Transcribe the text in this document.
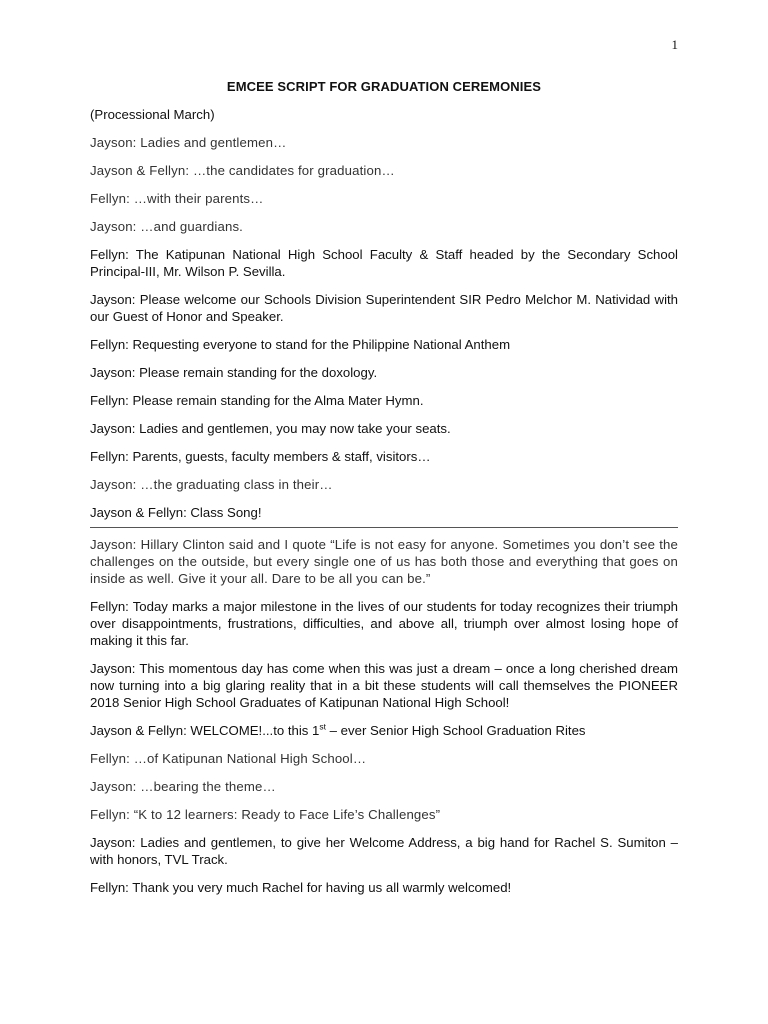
1
EMCEE SCRIPT FOR GRADUATION CEREMONIES

(Processional March)

Jayson: Ladies and gentlemen…

Jayson & Fellyn: …the candidates for graduation…

Fellyn: …with their parents…

Jayson: …and guardians.

Fellyn: The Katipunan National High School Faculty & Staff headed by the Secondary School Principal-III, Mr. Wilson P. Sevilla.

Jayson: Please welcome our Schools Division Superintendent SIR Pedro Melchor M. Natividad with our Guest of Honor and Speaker.

Fellyn: Requesting everyone to stand for the Philippine National Anthem

Jayson: Please remain standing for the doxology.

Fellyn: Please remain standing for the Alma Mater Hymn.

Jayson: Ladies and gentlemen, you may now take your seats.

Fellyn: Parents, guests, faculty members & staff, visitors…

Jayson: …the graduating class in their…

Jayson & Fellyn: Class Song!

Jayson: Hillary Clinton said and I quote “Life is not easy for anyone. Sometimes you don’t see the challenges on the outside, but every single one of us has both those and everything that goes on inside as well. Give it your all. Dare to be all you can be.”

Fellyn: Today marks a major milestone in the lives of our students for today recognizes their triumph over disappointments, frustrations, difficulties, and above all, triumph over almost losing hope of making it this far.

Jayson: This momentous day has come when this was just a dream – once a long cherished dream now turning into a big glaring reality that in a bit these students will call themselves the PIONEER 2018 Senior High School Graduates of Katipunan National High School!

Jayson & Fellyn: WELCOME!...to this 1st – ever Senior High School Graduation Rites

Fellyn: …of Katipunan National High School…

Jayson: …bearing the theme…

Fellyn: “K to 12 learners: Ready to Face Life’s Challenges”

Jayson: Ladies and gentlemen, to give her Welcome Address, a big hand for Rachel S. Sumiton – with honors, TVL Track.

Fellyn: Thank you very much Rachel for having us all warmly welcomed!
